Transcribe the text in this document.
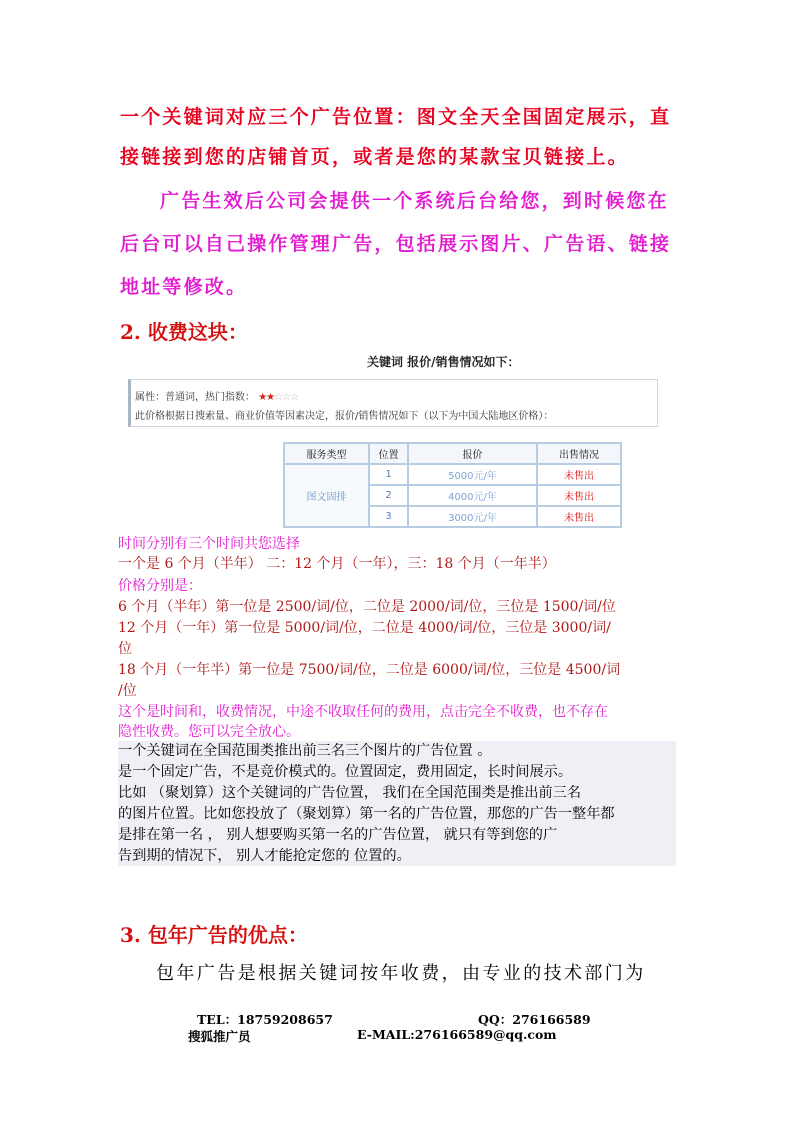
一个关键词对应三个广告位置：图文全天全国固定展示，直
接链接到您的店铺首页，或者是您的某款宝贝链接上。
广告生效后公司会提供一个系统后台给您，到时候您在
后台可以自己操作管理广告，包括展示图片、广告语、链接
地址等修改。
2. 收费这块：
关键词 报价/销售情况如下：
属性：普通词，热门指数： ★★☆☆☆
此价格根据日搜索量、商业价值等因素决定，报价/销售情况如下（以下为中国大陆地区价格）：
服务类型	位置	报价	出售情况
图文固排	1	5000元/年	未售出
	2	4000元/年	未售出
	3	3000元/年	未售出
时间分别有三个时间共您选择
一个是 6 个月（半年） 二：12 个月（一年），三：18 个月（一年半）
价格分别是：
6 个月（半年）第一位是 2500/词/位，二位是 2000/词/位，三位是 1500/词/位
12 个月（一年）第一位是 5000/词/位，二位是 4000/词/位，三位是 3000/词/
位
18 个月（一年半）第一位是 7500/词/位，二位是 6000/词/位，三位是 4500/词
/位
这个是时间和，收费情况，中途不收取任何的费用，点击完全不收费，也不存在
隐性收费。您可以完全放心。
一个关键词在全国范围类推出前三名三个图片的广告位置 。
是一个固定广告，不是竞价模式的。位置固定，费用固定，长时间展示。
比如 （聚划算）这个关键词的广告位置， 我们在全国范围类是推出前三名
的图片位置。比如您投放了（聚划算）第一名的广告位置，那您的广告一整年都
是排在第一名 ， 别人想要购买第一名的广告位置， 就只有等到您的广
告到期的情况下， 别人才能抢定您的 位置的。
3. 包年广告的优点：
包年广告是根据关键词按年收费，由专业的技术部门为
TEL：18759208657	QQ：276166589
搜狐推广员	E-MAIL:276166589@qq.com
